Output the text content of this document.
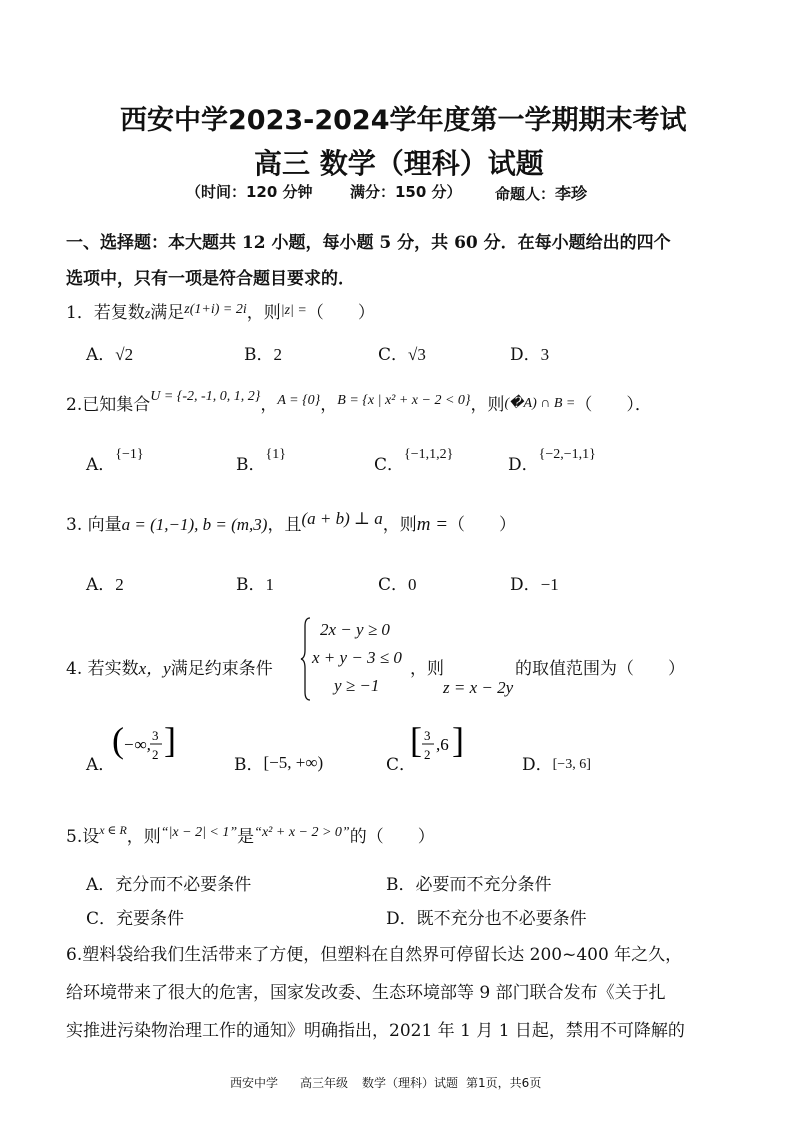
西安中学2023-2024学年度第一学期期末考试
高三 数学（理科）试题
（时间：120 分钟 满分：150 分） 命题人：李珍
一、选择题：本大题共 12 小题，每小题 5 分，共 60 分．在每小题给出的四个
选项中，只有一项是符合题目要求的．
1．若复数z满足$^{z(1+i) = 2i}$，则$^{|z| =}$（　　）
A．√2	B．2	C．√3	D．3
2.已知集合$^{U = \{-2, -1, 0, 1, 2\}}$，$^{A = \{0\}}$，$^{B = \{x | x^2 + x - 2 < 0\}}$，则(�A) ∩ B =（　　）．
A．$^{\{-1\}}$
B．$^{\{1\}}$
C．$^{\{-1,1,2\}}$
D．$^{\{-2,-1,1\}}$
3. 向量a = (1,−1), b = (m,3)，且(a + b) ⊥ a，则m =（　　）
A．2	B．1	C．0	D．−1
4. 若实数x，y满足约束条件
2x − y ≥ 0
x + y − 3 ≤ 0
y ≥ −1
，则
z = x − 2y
的取值范围为（　　）
A．
( −∞, 3
2 ]
B．[−5, +∞)	C．
[ 3
2
,6 ]
D．[−3, 6]
5.设$^{x \in R}$，则$^{“|x - 2| < 1”}$是$^{“x^2 + x - 2 > 0”}$的（　　）
A．充分而不必要条件	B．必要而不充分条件
C．充要条件	D．既不充分也不必要条件
6.塑料袋给我们生活带来了方便，但塑料在自然界可停留长达 200~400 年之久，
给环境带来了很大的危害，国家发改委、生态环境部等 9 部门联合发布《关于扎
实推进污染物治理工作的通知》明确指出，2021 年 1 月 1 日起，禁用不可降解的
西安中学 高三年级 数学（理科）试题 第1页，共6页
